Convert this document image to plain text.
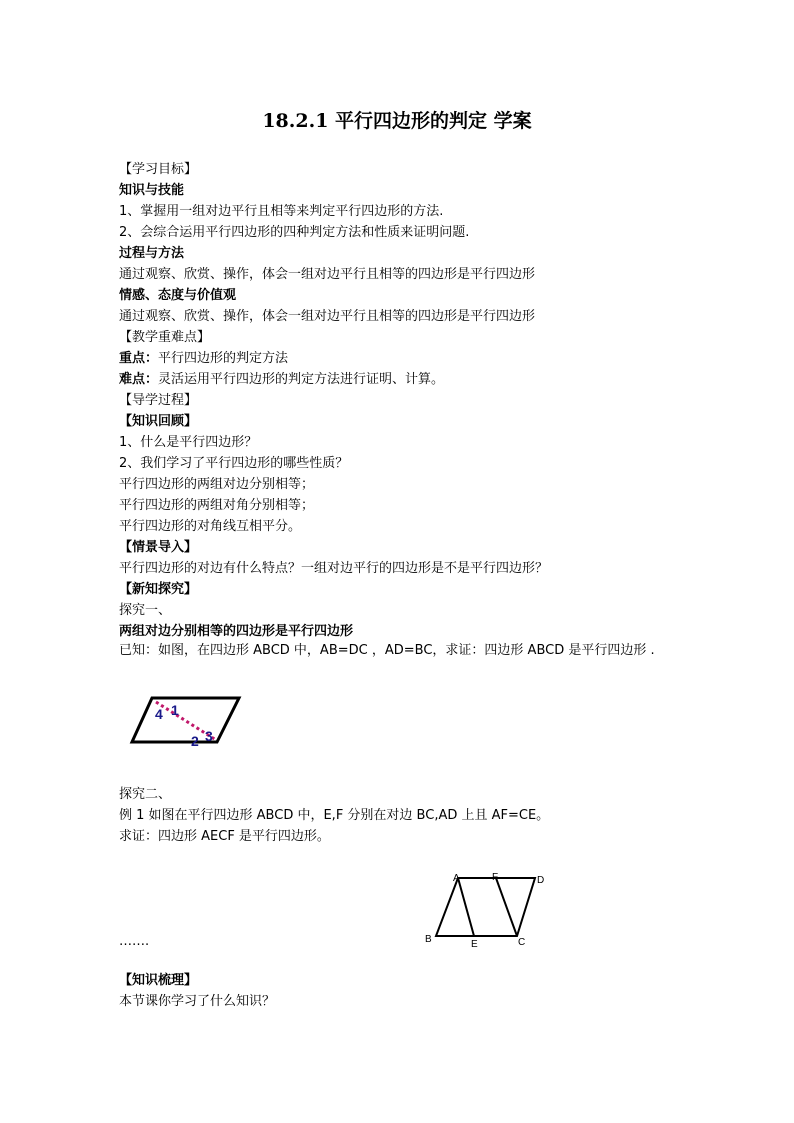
18.2.1 平行四边形的判定 学案
【学习目标】
知识与技能
1、掌握用一组对边平行且相等来判定平行四边形的方法.
2、会综合运用平行四边形的四种判定方法和性质来证明问题.
过程与方法
通过观察、欣赏、操作，体会一组对边平行且相等的四边形是平行四边形
情感、态度与价值观
通过观察、欣赏、操作，体会一组对边平行且相等的四边形是平行四边形
【教学重难点】
重点：平行四边形的判定方法
难点：灵活运用平行四边形的判定方法进行证明、计算。
【导学过程】
【知识回顾】
1、什么是平行四边形？
2、我们学习了平行四边形的哪些性质？
平行四边形的两组对边分别相等；
平行四边形的两组对角分别相等；
平行四边形的对角线互相平分。
【情景导入】
平行四边形的对边有什么特点？一组对边平行的四边形是不是平行四边形？
【新知探究】
探究一、
两组对边分别相等的四边形是平行四边形
已知：如图，在四边形 ABCD 中，AB=DC ，AD=BC，求证：四边形 ABCD 是平行四边形 .
4 1
2 3
探究二、
例 1 如图在平行四边形 ABCD 中，E,F 分别在对边 BC,AD 上且 AF=CE。
求证：四边形 AECF 是平行四边形。
A	F	D
B	E	C
…….
【知识梳理】
本节课你学习了什么知识？
